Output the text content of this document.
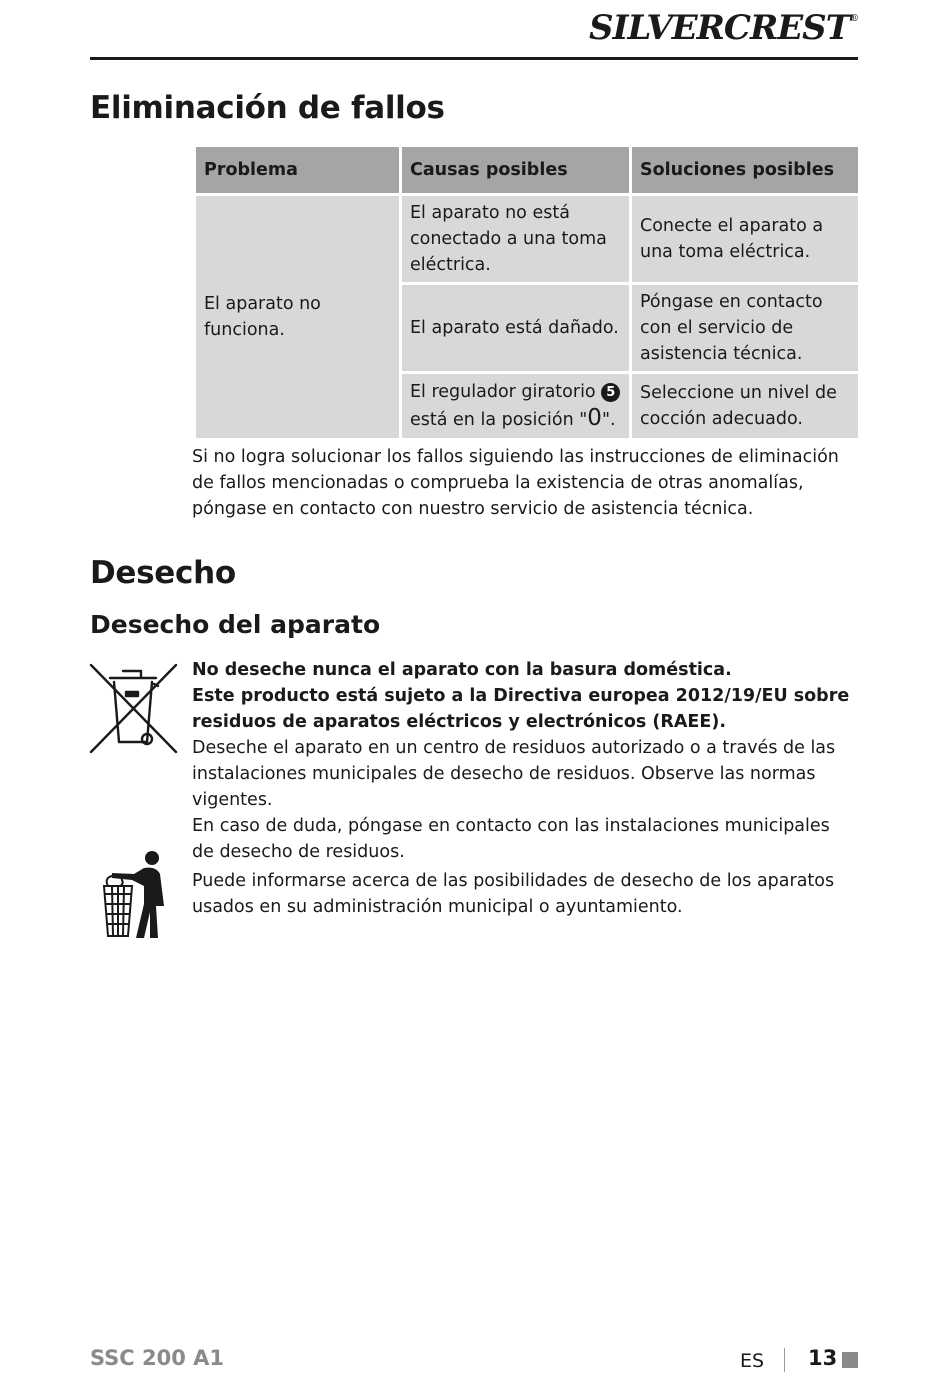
SILVERCREST®
Eliminación de fallos
Problema	Causas posibles	Soluciones posibles
El aparato no funciona.	El aparato no está conectado a una toma eléctrica.	Conecte el aparato a una toma eléctrica.
	El aparato está dañado.	Póngase en contacto con el servicio de asistencia técnica.
	El regulador giratorio 5 está en la posición "0".	Seleccione un nivel de cocción adecuado.

Si no logra solucionar los fallos siguiendo las instrucciones de eliminación de fallos mencionadas o comprueba la existencia de otras anomalías, póngase en contacto con nuestro servicio de asistencia técnica.

Desecho
Desecho del aparato
No deseche nunca el aparato con la basura doméstica.
Este producto está sujeto a la Directiva europea 2012/19/EU sobre residuos de aparatos eléctricos y electrónicos (RAEE).
Deseche el aparato en un centro de residuos autorizado o a través de las instalaciones municipales de desecho de residuos. Observe las normas vigentes.
En caso de duda, póngase en contacto con las instalaciones municipales de desecho de residuos.

Puede informarse acerca de las posibilidades de desecho de los aparatos usados en su administración municipal o ayuntamiento.

SSC 200 A1	ES 13
